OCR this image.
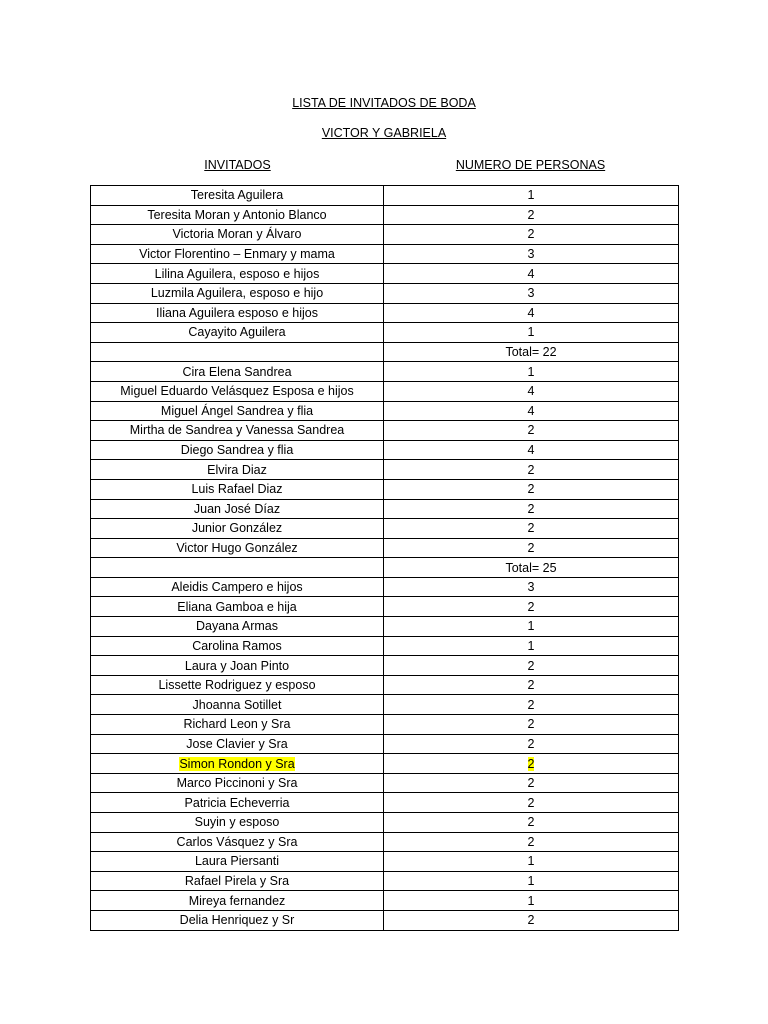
LISTA DE INVITADOS DE BODA
VICTOR Y GABRIELA
INVITADOS	NUMERO DE PERSONAS
Teresita Aguilera	1
Teresita Moran y Antonio Blanco	2
Victoria Moran y Álvaro	2
Victor Florentino – Enmary y mama	3
Lilina Aguilera, esposo e hijos	4
Luzmila Aguilera, esposo e hijo	3
Iliana Aguilera esposo e hijos	4
Cayayito Aguilera	1
	Total= 22
Cira Elena Sandrea	1
Miguel Eduardo Velásquez Esposa e hijos	4
Miguel Ángel Sandrea y flia	4
Mirtha de Sandrea y Vanessa Sandrea	2
Diego Sandrea y flia	4
Elvira Diaz	2
Luis Rafael Diaz	2
Juan José Díaz	2
Junior González	2
Victor Hugo González	2
	Total= 25
Aleidis Campero e hijos	3
Eliana Gamboa e hija	2
Dayana Armas	1
Carolina Ramos	1
Laura y Joan Pinto	2
Lissette Rodriguez y esposo	2
Jhoanna Sotillet	2
Richard Leon y Sra	2
Jose Clavier y Sra	2
Simon Rondon y Sra	2
Marco Piccinoni y Sra	2
Patricia Echeverria	2
Suyin y esposo	2
Carlos Vásquez y Sra	2
Laura Piersanti	1
Rafael Pirela y Sra	1
Mireya fernandez	1
Delia Henriquez y Sr	2
